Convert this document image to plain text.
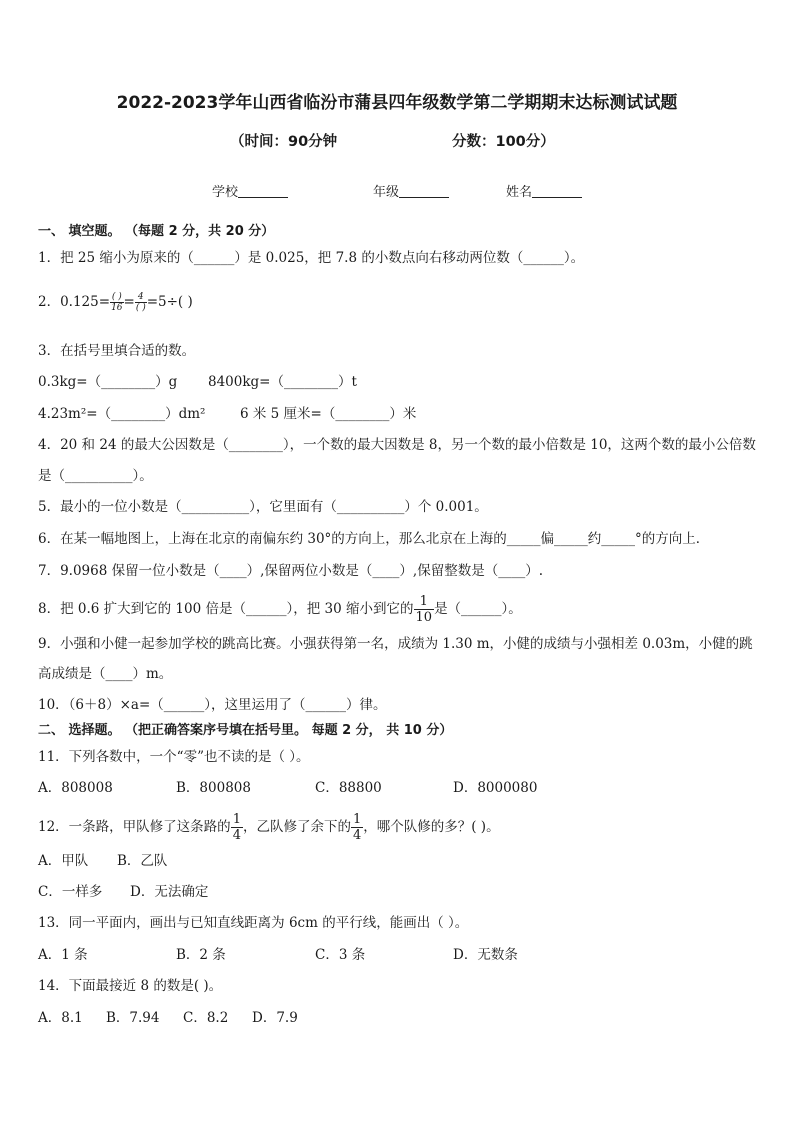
2022-2023学年山西省临汾市蒲县四年级数学第二学期期末达标测试试题
（时间：90分钟	分数：100分）
学校	年级	姓名
一、 填空题。 （每题 2 分，共 20 分）
1．把 25 缩小为原来的（______）是 0.025，把 7.8 的小数点向右移动两位数（______）。
2．$0.125= \frac{( )}{16} = \frac{4}{( )} =5\div$( )
3．在括号里填合适的数。
0.3kg=（________）g	8400kg=（________）t
4.23m²=（________）dm²	6 米 5 厘米=（________）米
4．20 和 24 的最大公因数是（________），一个数的最大因数是 8，另一个数的最小倍数是 10，这两个数的最小公倍数
是（__________）。
5．最小的一位小数是（__________），它里面有（__________）个 0.001。
6．在某一幅地图上，上海在北京的南偏东约 30°的方向上，那么北京在上海的_____偏_____约_____°的方向上．
7．9.0968 保留一位小数是（____）,保留两位小数是（____）,保留整数是（____）.
8．把 0.6 扩大到它的 100 倍是（______），把 30 缩小到它的 $\frac{1}{10}$ 是（______）。
9．小强和小健一起参加学校的跳高比赛。小强获得第一名，成绩为 1.30 m，小健的成绩与小强相差 0.03m，小健的跳
高成绩是（____）m。
10．（6＋8）×a=（______），这里运用了（______）律。
二、 选择题。 （把正确答案序号填在括号里。 每题 2 分， 共 10 分）
11．下列各数中，一个“零”也不读的是（ ）。
A．808008	B．800808	C．88800	D．8000080
12．一条路，甲队修了这条路的 $\frac{1}{4}$ ，乙队修了余下的 $\frac{1}{4}$ ，哪个队修的多？( )。
A．甲队	B．乙队
C．一样多	D．无法确定
13．同一平面内，画出与已知直线距离为 6cm 的平行线，能画出（ ）。
A．1 条	B．2 条	C．3 条	D．无数条
14．下面最接近 8 的数是( )。
A．8.1	B．7.94	C．8.2	D．7.9
